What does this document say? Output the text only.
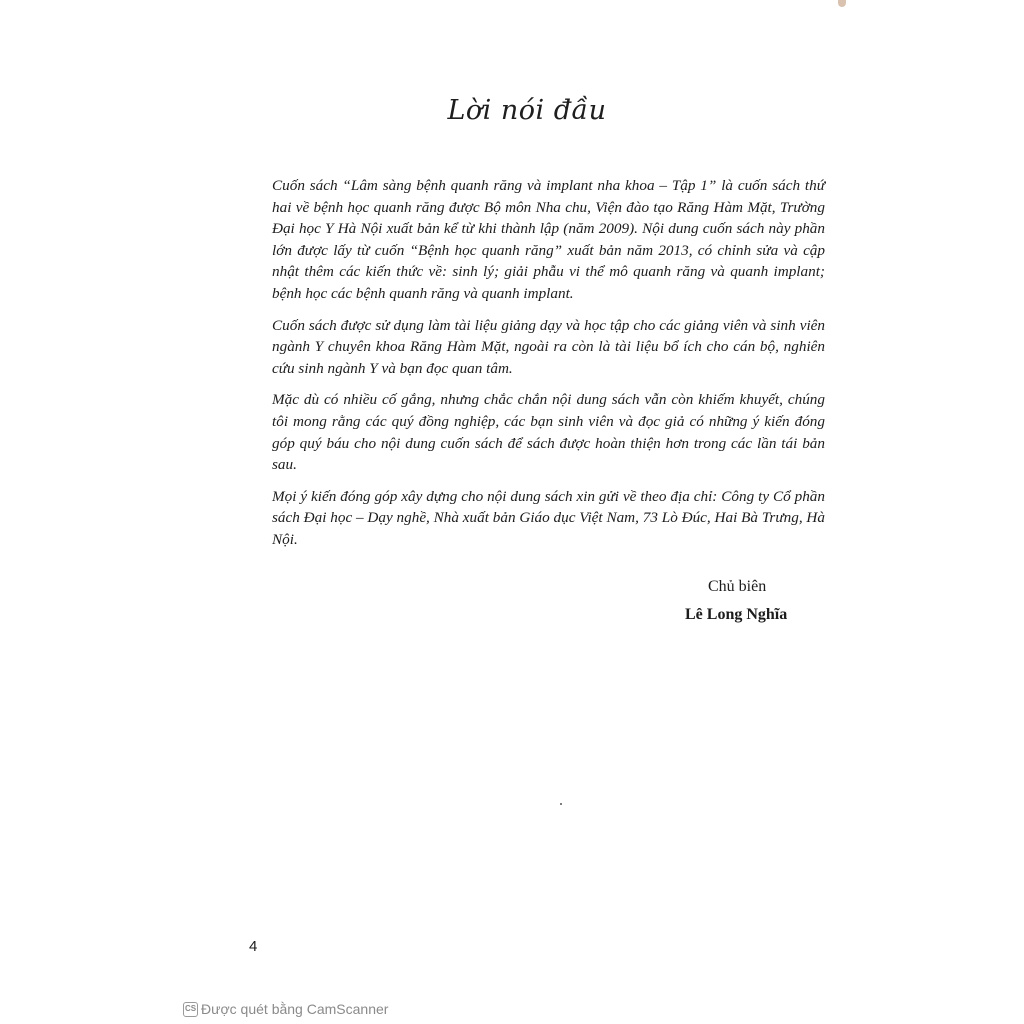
Lời nói đầu

Cuốn sách “Lâm sàng bệnh quanh răng và implant nha khoa – Tập 1” là cuốn sách thứ hai về bệnh học quanh răng được Bộ môn Nha chu, Viện đào tạo Răng Hàm Mặt, Trường Đại học Y Hà Nội xuất bản kể từ khi thành lập (năm 2009). Nội dung cuốn sách này phần lớn được lấy từ cuốn “Bệnh học quanh răng” xuất bản năm 2013, có chỉnh sửa và cập nhật thêm các kiến thức về: sinh lý; giải phẫu vi thể mô quanh răng và quanh implant; bệnh học các bệnh quanh răng và quanh implant.

Cuốn sách được sử dụng làm tài liệu giảng dạy và học tập cho các giảng viên và sinh viên ngành Y chuyên khoa Răng Hàm Mặt, ngoài ra còn là tài liệu bổ ích cho cán bộ, nghiên cứu sinh ngành Y và bạn đọc quan tâm.

Mặc dù có nhiều cố gắng, nhưng chắc chắn nội dung sách vẫn còn khiếm khuyết, chúng tôi mong rằng các quý đồng nghiệp, các bạn sinh viên và đọc giả có những ý kiến đóng góp quý báu cho nội dung cuốn sách để sách được hoàn thiện hơn trong các lần tái bản sau.

Mọi ý kiến đóng góp xây dựng cho nội dung sách xin gửi về theo địa chỉ: Công ty Cổ phần sách Đại học – Dạy nghề, Nhà xuất bản Giáo dục Việt Nam, 73 Lò Đúc, Hai Bà Trưng, Hà Nội.

Chủ biên
Lê Long Nghĩa
4
CS Được quét bằng CamScanner
